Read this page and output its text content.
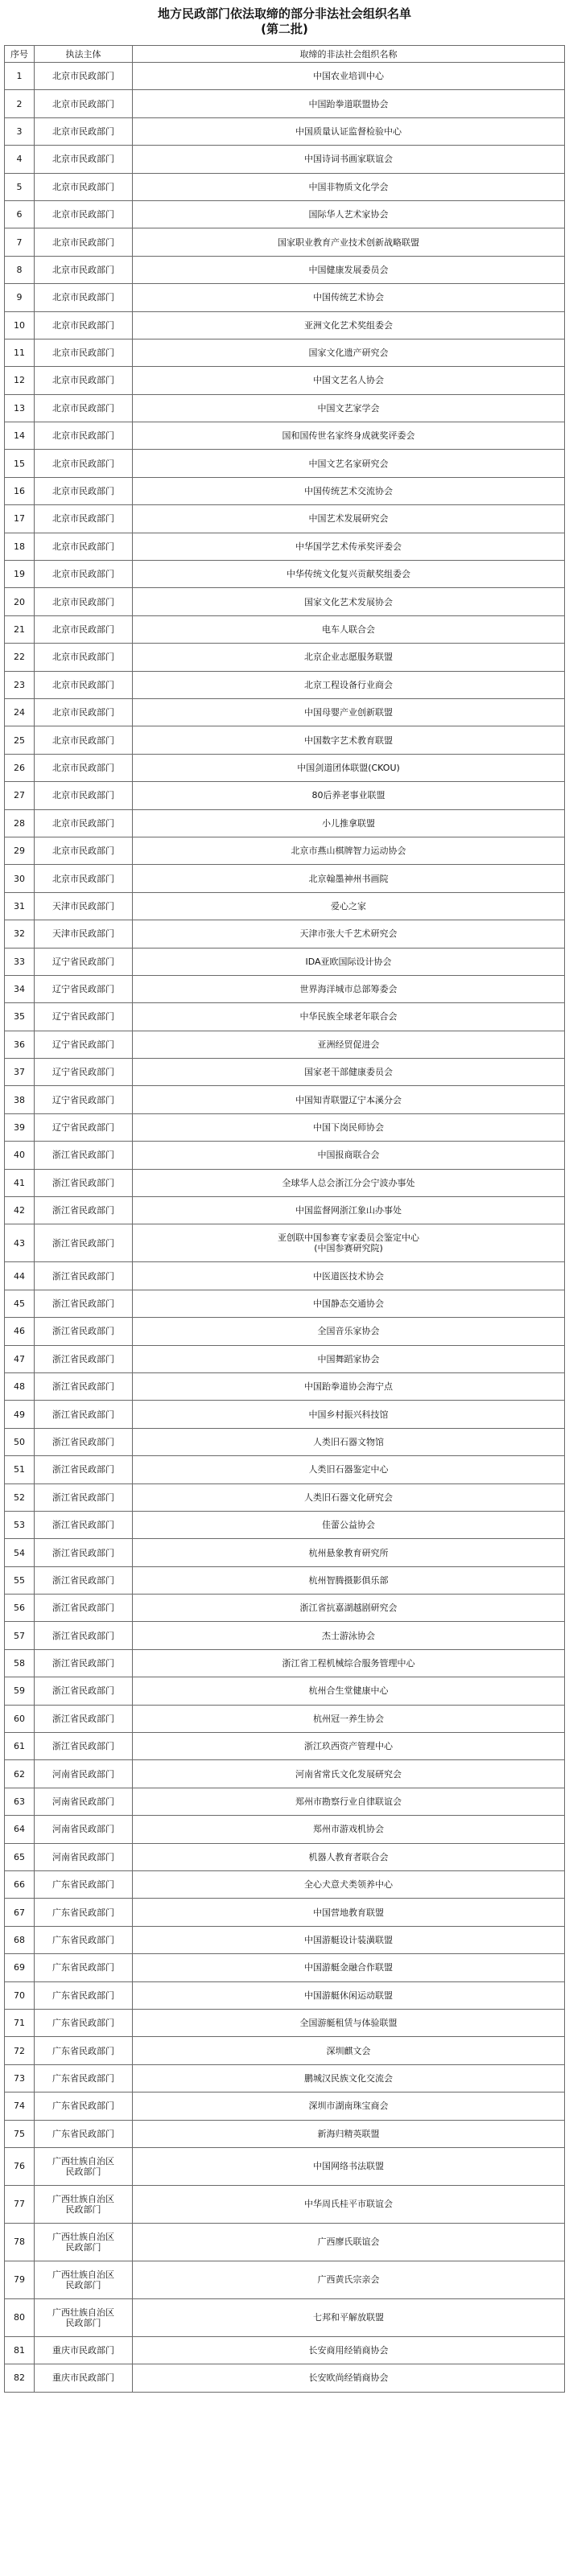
地方民政部门依法取缔的部分非法社会组织名单
(第二批)
序号	执法主体	取缔的非法社会组织名称
1	北京市民政部门	中国农业培训中心
2	北京市民政部门	中国跆拳道联盟协会
3	北京市民政部门	中国质量认证监督检验中心
4	北京市民政部门	中国诗词书画家联谊会
5	北京市民政部门	中国非物质文化学会
6	北京市民政部门	国际华人艺术家协会
7	北京市民政部门	国家职业教育产业技术创新战略联盟
8	北京市民政部门	中国健康发展委员会
9	北京市民政部门	中国传统艺术协会
10	北京市民政部门	亚洲文化艺术奖组委会
11	北京市民政部门	国家文化遗产研究会
12	北京市民政部门	中国文艺名人协会
13	北京市民政部门	中国文艺家学会
14	北京市民政部门	国和国传世名家终身成就奖评委会
15	北京市民政部门	中国文艺名家研究会
16	北京市民政部门	中国传统艺术交流协会
17	北京市民政部门	中国艺术发展研究会
18	北京市民政部门	中华国学艺术传承奖评委会
19	北京市民政部门	中华传统文化复兴贡献奖组委会
20	北京市民政部门	国家文化艺术发展协会
21	北京市民政部门	电车人联合会
22	北京市民政部门	北京企业志愿服务联盟
23	北京市民政部门	北京工程设备行业商会
24	北京市民政部门	中国母婴产业创新联盟
25	北京市民政部门	中国数字艺术教育联盟
26	北京市民政部门	中国剑道团体联盟(CKOU)
27	北京市民政部门	80后养老事业联盟
28	北京市民政部门	小儿推拿联盟
29	北京市民政部门	北京市燕山棋牌智力运动协会
30	北京市民政部门	北京翰墨神州书画院
31	天津市民政部门	爱心之家
32	天津市民政部门	天津市张大千艺术研究会
33	辽宁省民政部门	IDA亚欧国际设计协会
34	辽宁省民政部门	世界海洋城市总部筹委会
35	辽宁省民政部门	中华民族全球老年联合会
36	辽宁省民政部门	亚洲经贸促进会
37	辽宁省民政部门	国家老干部健康委员会
38	辽宁省民政部门	中国知青联盟辽宁本溪分会
39	辽宁省民政部门	中国下岗民师协会
40	浙江省民政部门	中国报商联合会
41	浙江省民政部门	全球华人总会浙江分会宁波办事处
42	浙江省民政部门	中国监督网浙江象山办事处
43	浙江省民政部门	亚创联中国参赛专家委员会鉴定中心
(中国参赛研究院)
44	浙江省民政部门	中医道医技术协会
45	浙江省民政部门	中国静态交通协会
46	浙江省民政部门	全国音乐家协会
47	浙江省民政部门	中国舞蹈家协会
48	浙江省民政部门	中国跆拳道协会海宁点
49	浙江省民政部门	中国乡村振兴科技馆
50	浙江省民政部门	人类旧石器文物馆
51	浙江省民政部门	人类旧石器鉴定中心
52	浙江省民政部门	人类旧石器文化研究会
53	浙江省民政部门	佳蕾公益协会
54	浙江省民政部门	杭州悬象教育研究所
55	浙江省民政部门	杭州智腾摄影俱乐部
56	浙江省民政部门	浙江省抗嘉湖越剧研究会
57	浙江省民政部门	杰士游泳协会
58	浙江省民政部门	浙江省工程机械综合服务管理中心
59	浙江省民政部门	杭州合生堂健康中心
60	浙江省民政部门	杭州冠一养生协会
61	浙江省民政部门	浙江玖西资产管理中心
62	河南省民政部门	河南省常氏文化发展研究会
63	河南省民政部门	郑州市勘察行业自律联谊会
64	河南省民政部门	郑州市游戏机协会
65	河南省民政部门	机器人教育者联合会
66	广东省民政部门	全心犬意犬类领养中心
67	广东省民政部门	中国营地教育联盟
68	广东省民政部门	中国游艇设计装潢联盟
69	广东省民政部门	中国游艇金融合作联盟
70	广东省民政部门	中国游艇休闲运动联盟
71	广东省民政部门	全国游艇租赁与体验联盟
72	广东省民政部门	深圳麒文会
73	广东省民政部门	鹏城汉民族文化交流会
74	广东省民政部门	深圳市湖南珠宝商会
75	广东省民政部门	新海归精英联盟
76	广西壮族自治区
民政部门	中国网络书法联盟
77	广西壮族自治区
民政部门	中华周氏桂平市联谊会
78	广西壮族自治区
民政部门	广西廖氏联谊会
79	广西壮族自治区
民政部门	广西黄氏宗亲会
80	广西壮族自治区
民政部门	七邦和平解放联盟
81	重庆市民政部门	长安商用经销商协会
82	重庆市民政部门	长安欧尚经销商协会
